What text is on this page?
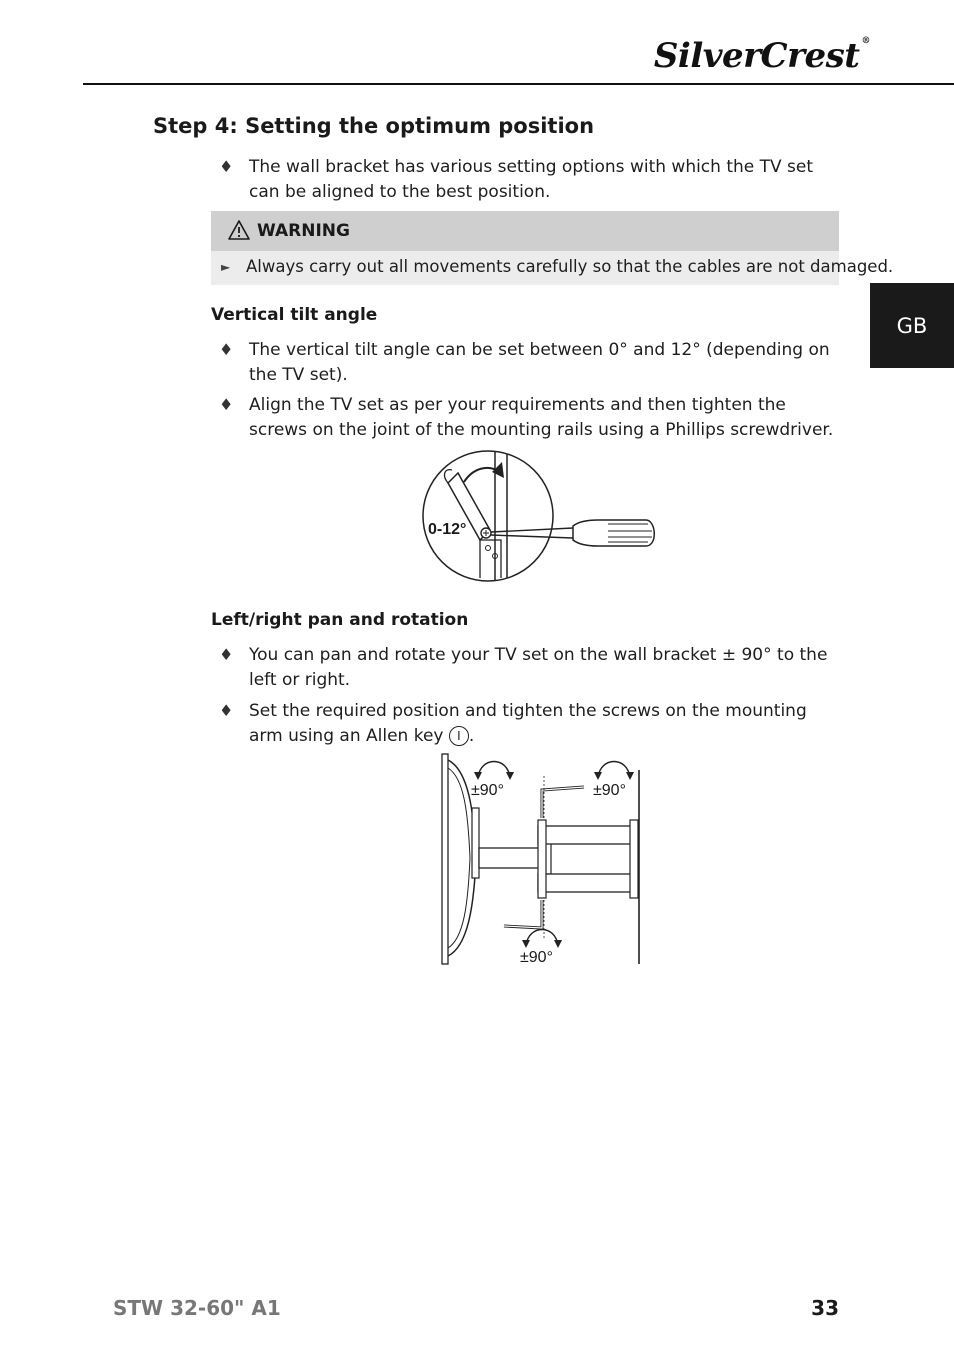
SilverCrest ®
GB
Step 4: Setting the optimum position
♦ The wall bracket has various setting options with which the TV set can be aligned to the best position.
WARNING
► Always carry out all movements carefully so that the cables are not damaged.
Vertical tilt angle
♦ The vertical tilt angle can be set between 0° and 12° (depending on the TV set).
♦ Align the TV set as per your requirements and then tighten the screws on the joint of the mounting rails using a Phillips screwdriver.
0-12°
Left/right pan and rotation
♦ You can pan and rotate your TV set on the wall bracket ± 90° to the left or right.
♦ Set the required position and tighten the screws on the mounting arm using an Allen key I .
±90°	±90°
±90°
STW 32-60" A1	33
